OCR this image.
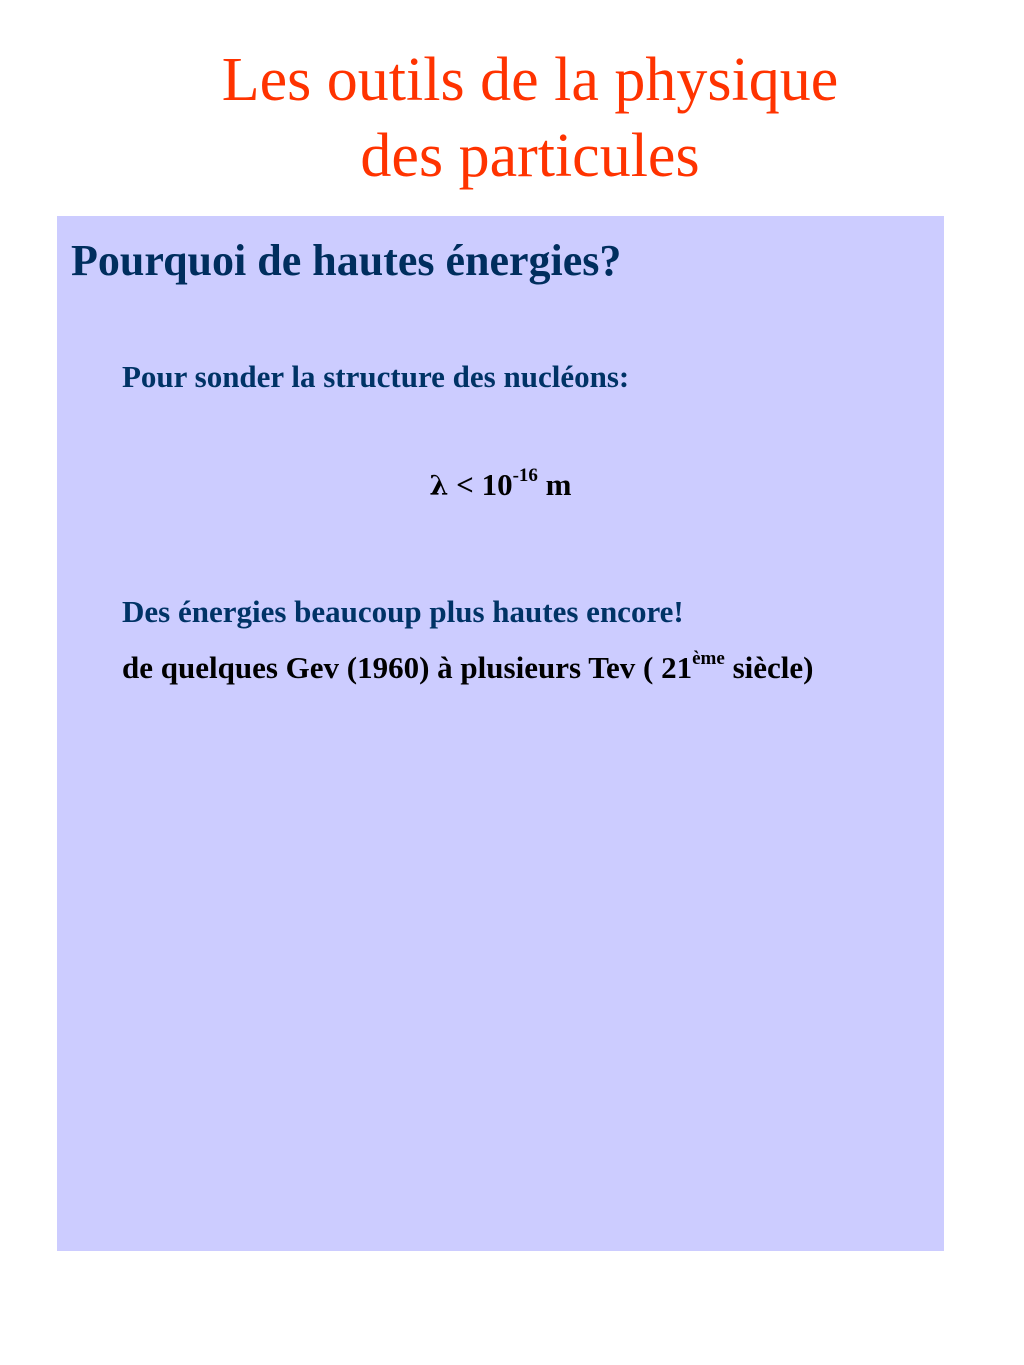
Les outils de la physique
des particules
Pourquoi de hautes énergies?

Pour sonder la structure des nucléons:

$\lambda < 10^{-16}$ m

Des énergies beaucoup plus hautes encore!

de quelques Gev (1960) à plusieurs Tev ( 21ème siècle)
